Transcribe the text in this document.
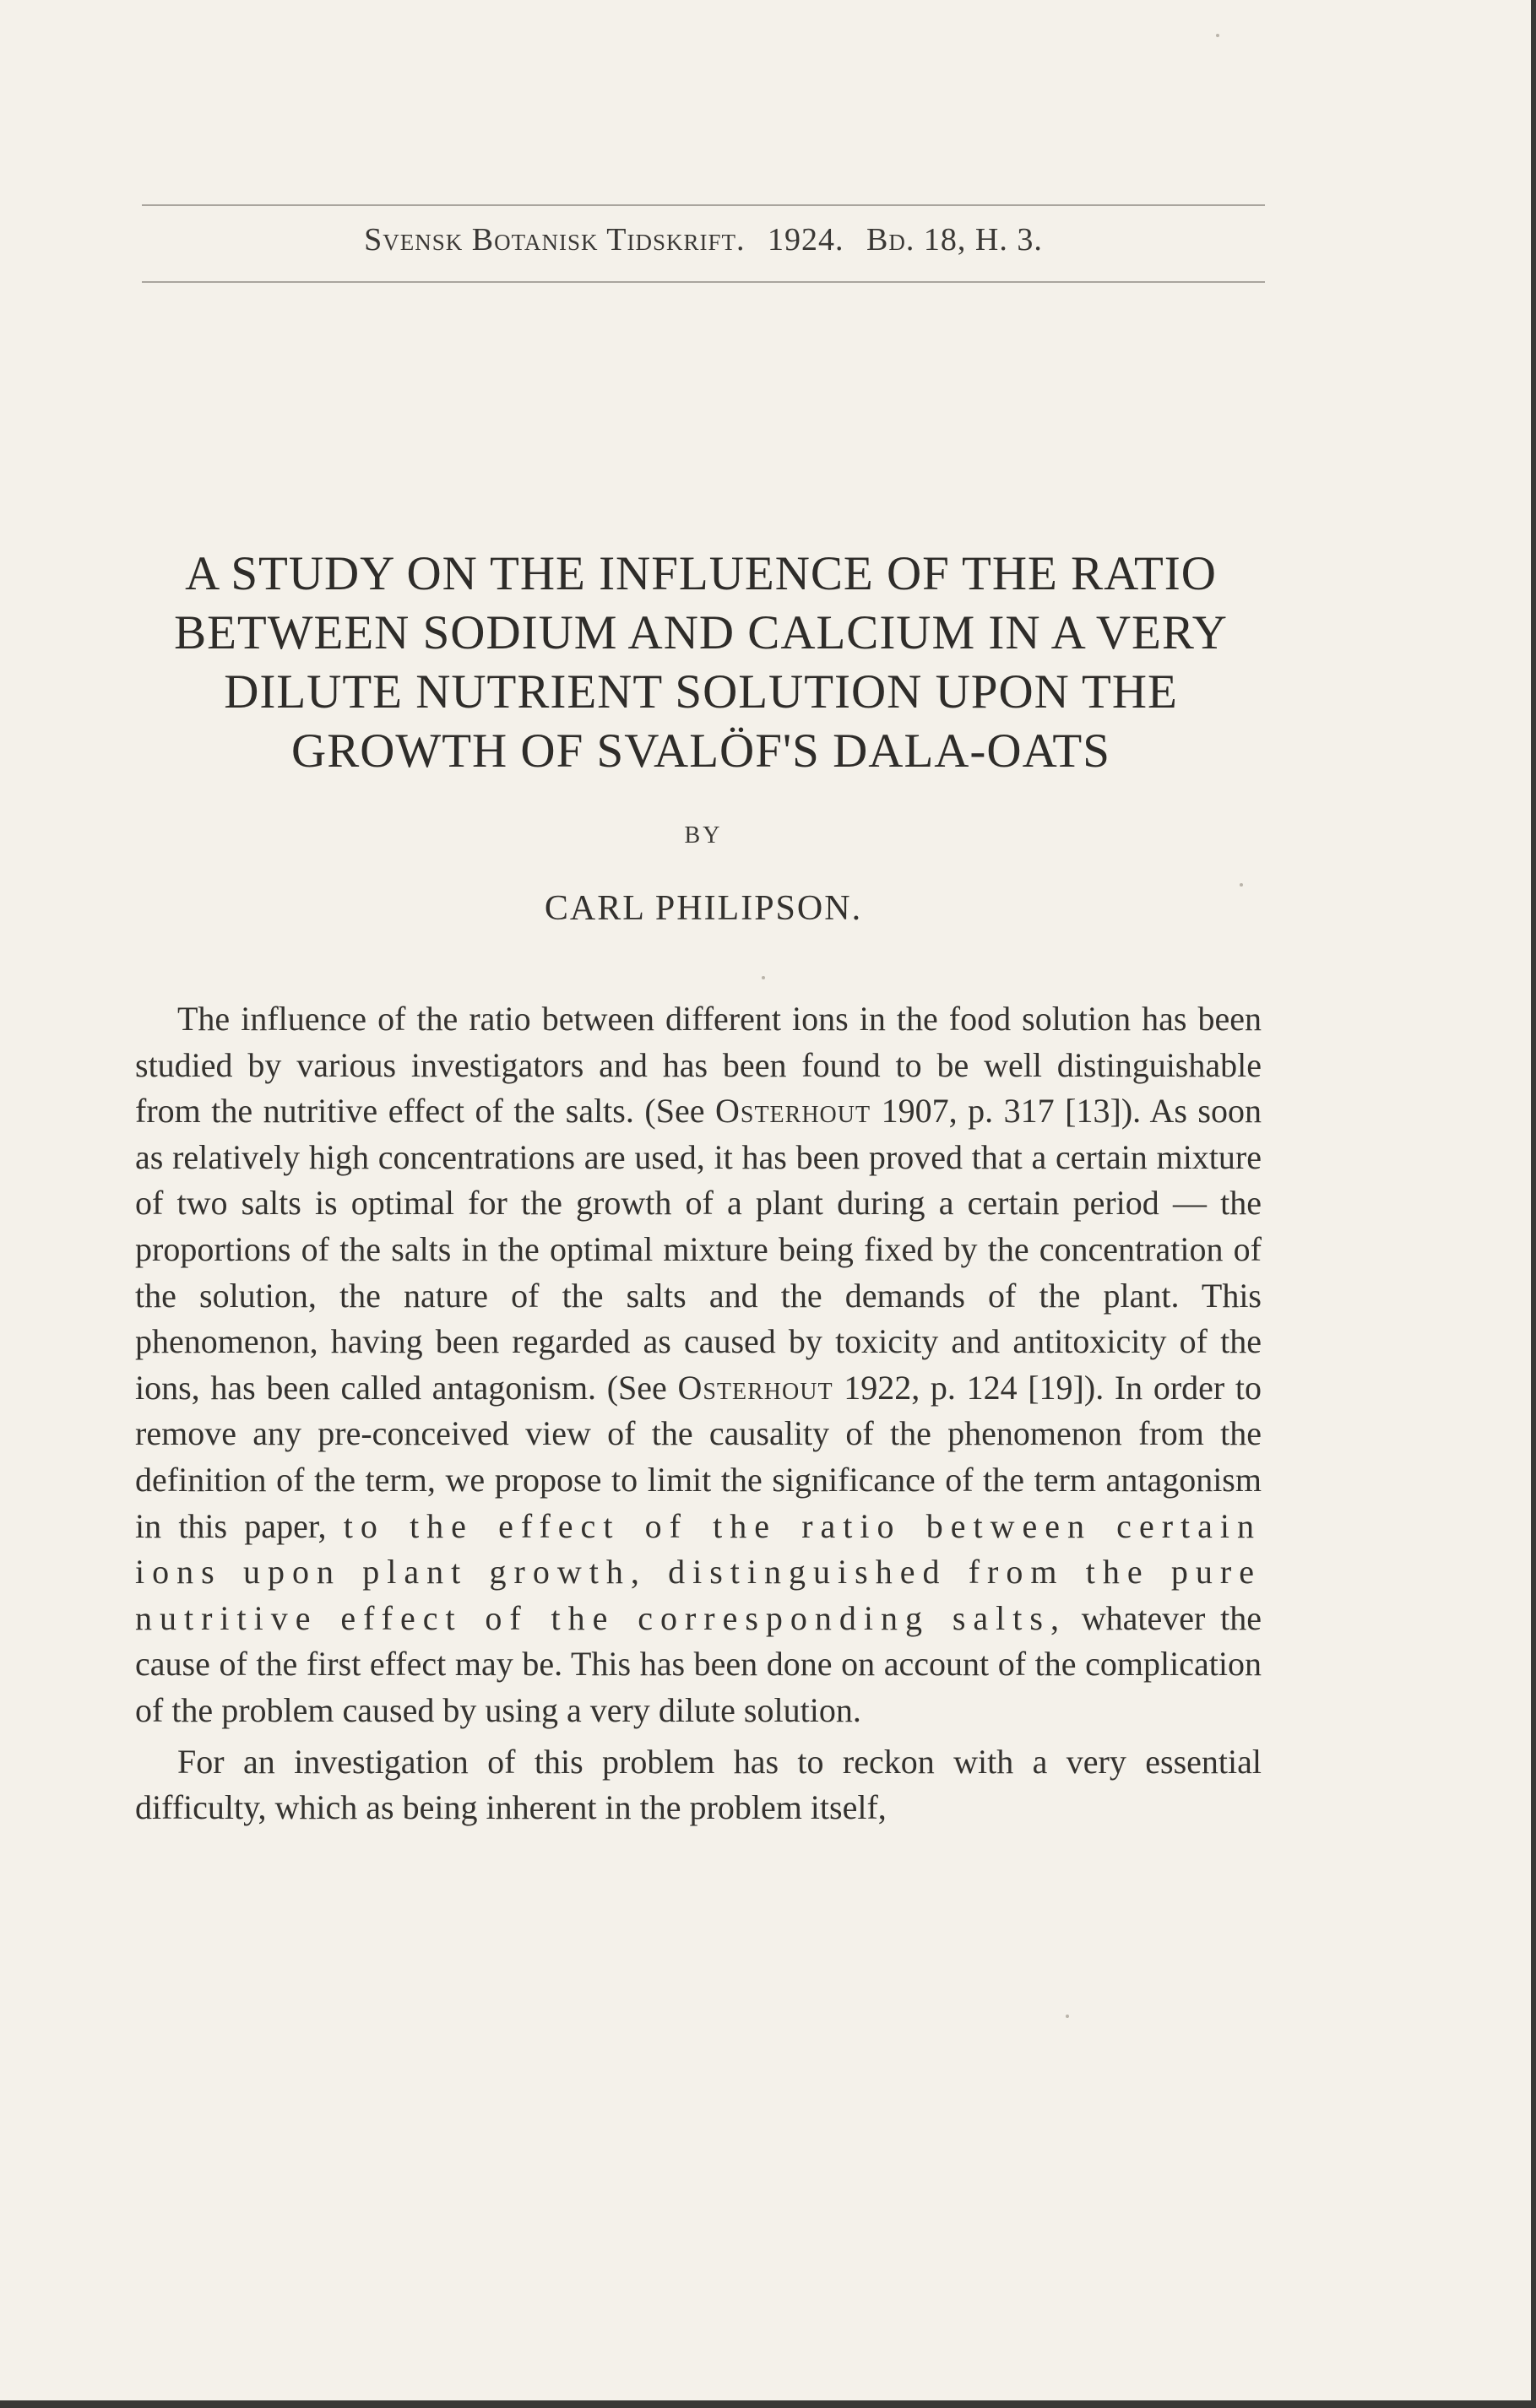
Svensk Botanisk Tidskrift. 1924. Bd. 18, H. 3.
A STUDY ON THE INFLUENCE OF THE RATIO
BETWEEN SODIUM AND CALCIUM IN A VERY
DILUTE NUTRIENT SOLUTION UPON THE
GROWTH OF SVALÖF'S DALA-OATS
BY
CARL PHILIPSON.

The influence of the ratio between different ions in the food solution has been studied by various investigators and has been found to be well distinguishable from the nutritive effect of the salts. (See Osterhout 1907, p. 317 [13]). As soon as relatively high concentrations are used, it has been proved that a certain mixture of two salts is optimal for the growth of a plant during a certain period — the proportions of the salts in the optimal mixture being fixed by the concentration of the solution, the nature of the salts and the demands of the plant. This phenomenon, having been regarded as caused by toxicity and antitoxicity of the ions, has been called antagonism. (See Osterhout 1922, p. 124 [19]). In order to remove any pre-conceived view of the causality of the phenomenon from the definition of the term, we propose to limit the significance of the term antagonism in this paper, to the effect of the ratio between certain ions upon plant growth, distinguished from the pure nutritive effect of the corresponding salts, whatever the cause of the first effect may be. This has been done on account of the complication of the problem caused by using a very dilute solution.

For an investigation of this problem has to reckon with a very essential difficulty, which as being inherent in the problem itself,
